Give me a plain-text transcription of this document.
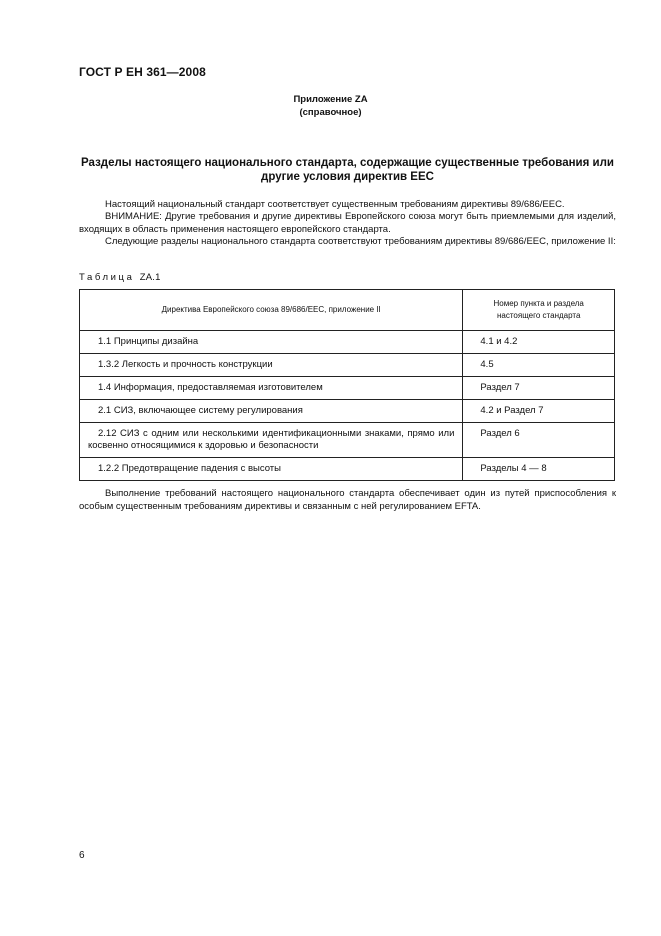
ГОСТ Р ЕН 361—2008
Приложение ZA
(справочное)
Разделы настоящего национального стандарта, содержащие существенные требования или другие условия директив ЕЕС
Настоящий национальный стандарт соответствует существенным требованиям директивы 89/686/EEC.
ВНИМАНИЕ: Другие требования и другие директивы Европейского союза могут быть приемлемыми для изделий, входящих в область применения настоящего европейского стандарта.
Следующие разделы национального стандарта соответствуют требованиям директивы 89/686/EEC, приложение II:
Таблица ZA.1
Директива Европейского союза 89/686/EEC, приложение II	Номер пункта и раздела настоящего стандарта

1.1 Принципы дизайна	4.1 и 4.2
1.3.2 Легкость и прочность конструкции	4.5
1.4 Информация, предоставляемая изготовителем	Раздел 7
2.1 СИЗ, включающее систему регулирования	4.2 и Раздел 7
2.12 СИЗ с одним или несколькими идентификационными знаками, прямо или косвенно относящимися к здоровью и безопасности	Раздел 6
1.2.2 Предотвращение падения с высоты	Разделы 4 — 8
Выполнение требований настоящего национального стандарта обеспечивает один из путей приспособления к особым существенным требованиям директивы и связанным с ней регулированием EFTA.
6
